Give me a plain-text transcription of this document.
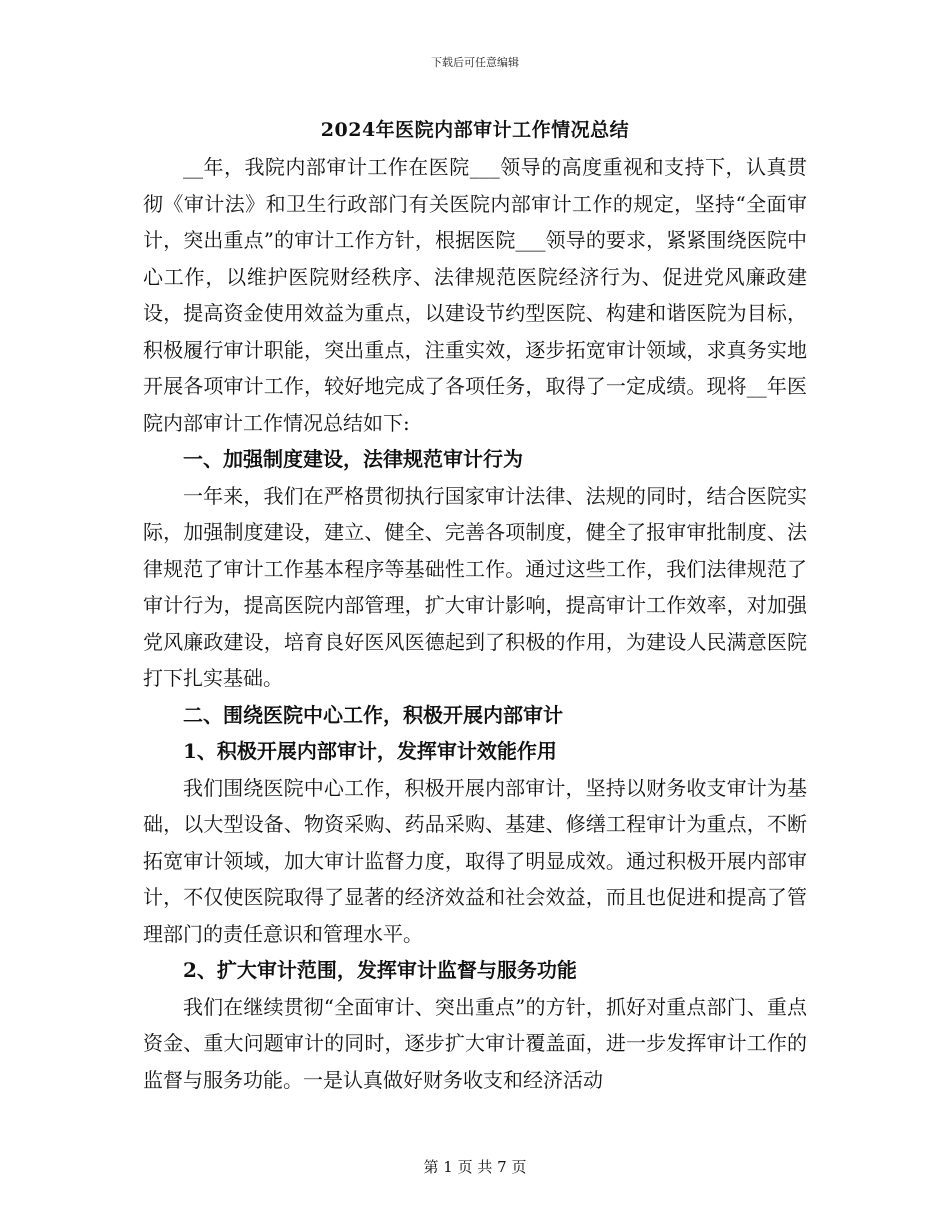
下载后可任意编辑
2024年医院内部审计工作情况总结

__年，我院内部审计工作在医院___领导的高度重视和支持下，认真贯彻《审计法》和卫生行政部门有关医院内部审计工作的规定，坚持“全面审计，突出重点”的审计工作方针，根据医院___领导的要求，紧紧围绕医院中心工作，以维护医院财经秩序、法律规范医院经济行为、促进党风廉政建设，提高资金使用效益为重点，以建设节约型医院、构建和谐医院为目标，积极履行审计职能，突出重点，注重实效，逐步拓宽审计领域，求真务实地开展各项审计工作，较好地完成了各项任务，取得了一定成绩。现将__年医院内部审计工作情况总结如下:

一、加强制度建设，法律规范审计行为

一年来，我们在严格贯彻执行国家审计法律、法规的同时，结合医院实际，加强制度建设，建立、健全、完善各项制度，健全了报审审批制度、法律规范了审计工作基本程序等基础性工作。通过这些工作，我们法律规范了审计行为，提高医院内部管理，扩大审计影响，提高审计工作效率，对加强党风廉政建设，培育良好医风医德起到了积极的作用，为建设人民满意医院打下扎实基础。

二、围绕医院中心工作，积极开展内部审计

1、积极开展内部审计，发挥审计效能作用

我们围绕医院中心工作，积极开展内部审计，坚持以财务收支审计为基础，以大型设备、物资采购、药品采购、基建、修缮工程审计为重点，不断拓宽审计领域，加大审计监督力度，取得了明显成效。通过积极开展内部审计，不仅使医院取得了显著的经济效益和社会效益，而且也促进和提高了管理部门的责任意识和管理水平。

2、扩大审计范围，发挥审计监督与服务功能

我们在继续贯彻“全面审计、突出重点”的方针，抓好对重点部门、重点资金、重大问题审计的同时，逐步扩大审计覆盖面，进一步发挥审计工作的监督与服务功能。一是认真做好财务收支和经济活动

第 1 页 共 7 页
